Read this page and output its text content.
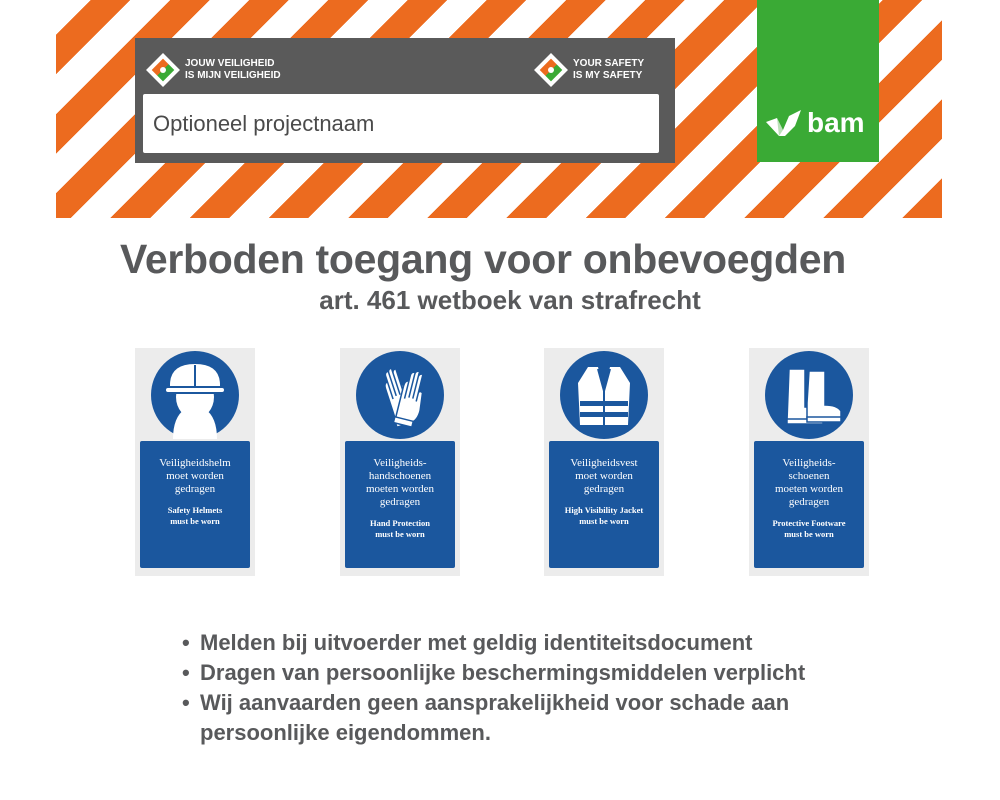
JOUW VEILIGHEID
IS MIJN VEILIGHEID
YOUR SAFETY
IS MY SAFETY
Optioneel projectnaam	bam
Verboden toegang voor onbevoegden
art. 461 wetboek van strafrecht
Veiligheidshelm
moet worden
gedragen
Safety Helmets
must be worn
Veiligheids-
handschoenen
moeten worden
gedragen
Hand Protection
must be worn
Veiligheidsvest
moet worden
gedragen
High Visibility Jacket
must be worn
Veiligheids-
schoenen
moeten worden
gedragen
Protective Footware
must be worn
• Melden bij uitvoerder met geldig identiteitsdocument
• Dragen van persoonlijke beschermingsmiddelen verplicht
• Wij aanvaarden geen aansprakelijkheid voor schade aan persoonlijke eigendommen.
